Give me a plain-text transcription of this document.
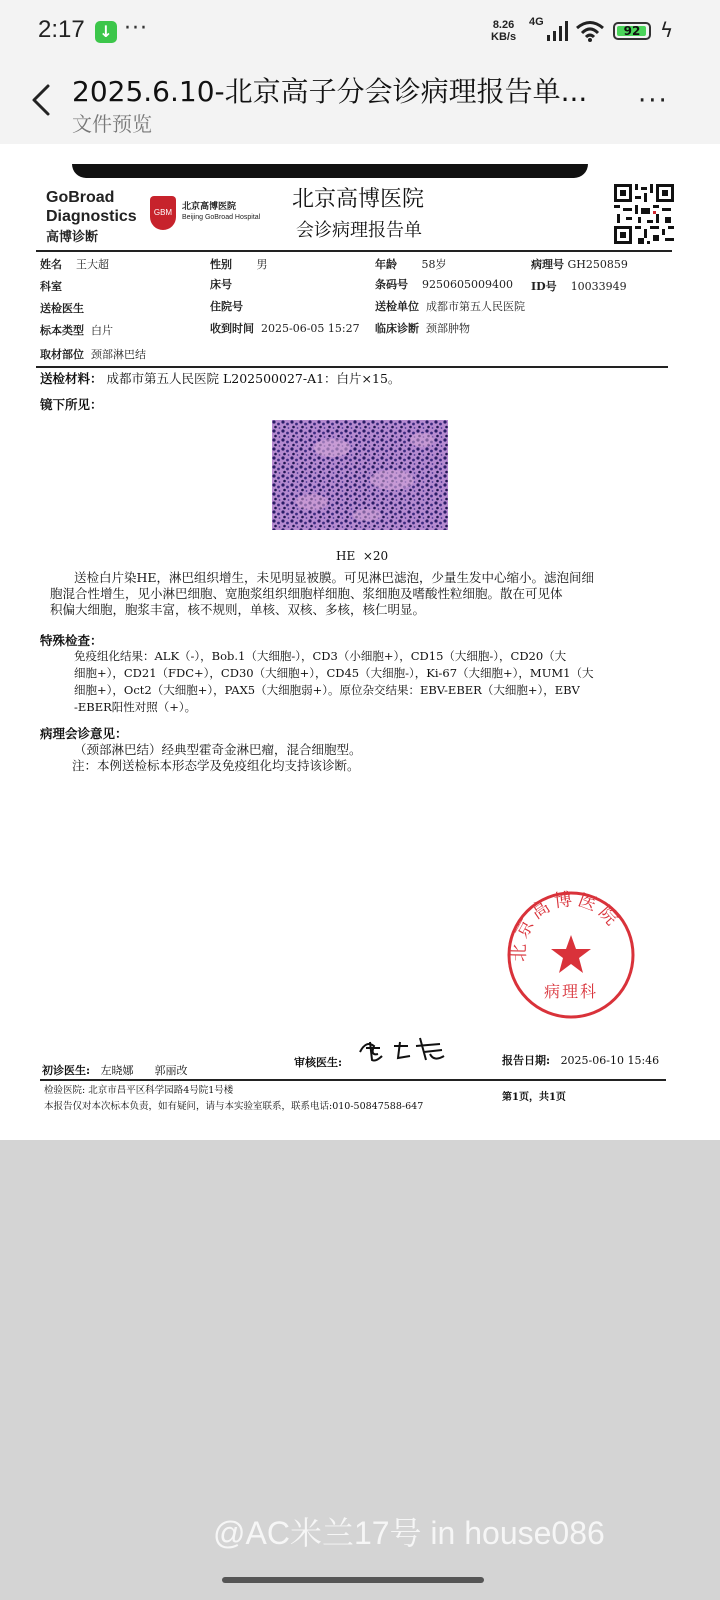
2:17 ↓ ···	8.26
KB/s
4G
92 ϟ
2025.6.10-北京高子分会诊病理报告单...
文件预览
···
GoBroad
Diagnostics
高博诊断
GBM
北京高博医院
Beijing GoBroad Hospital
北京高博医院
会诊病理报告单
姓名 王大超	性别 男	年龄 58岁	病理号 GH250859
科室	床号	条码号 9250605009400 ID号 10033949
送检医生	住院号	送检单位 成都市第五人民医院
标本类型 白片	收到时间 2025-06-05 15:27 临床诊断 颈部肿物
取材部位 颈部淋巴结
送检材料： 成都市第五人民医院 L202500027-A1：白片×15。
镜下所见：
HE  ×20
送检白片染HE，淋巴组织增生，未见明显被膜。可见淋巴滤泡，少量生发中心缩小。滤泡间细
胞混合性增生，见小淋巴细胞、宽胞浆组织细胞样细胞、浆细胞及嗜酸性粒细胞。散在可见体
积偏大细胞，胞浆丰富，核不规则，单核、双核、多核，核仁明显。
特殊检查：
免疫组化结果：ALK（-），Bob.1（大细胞-），CD3（小细胞+），CD15（大细胞-），CD20（大
细胞+），CD21（FDC+），CD30（大细胞+），CD45（大细胞-），Ki-67（大细胞+），MUM1（大
细胞+），Oct2（大细胞+），PAX5（大细胞弱+）。原位杂交结果：EBV-EBER（大细胞+），EBV
-EBER阳性对照（+）。
病理会诊意见：
（颈部淋巴结）经典型霍奇金淋巴瘤，混合细胞型。
注：本例送检标本形态学及免疫组化均支持该诊断。
北京高博医院
病理科
初诊医生: 左晓娜 郭丽改
审核医生:	报告日期: 2025-06-10 15:46
检验医院: 北京市昌平区科学园路4号院1号楼
本报告仅对本次标本负责，如有疑问，请与本实验室联系，联系电话:010-50847588-647
第1页，共1页
@AC米兰17号 in house086
